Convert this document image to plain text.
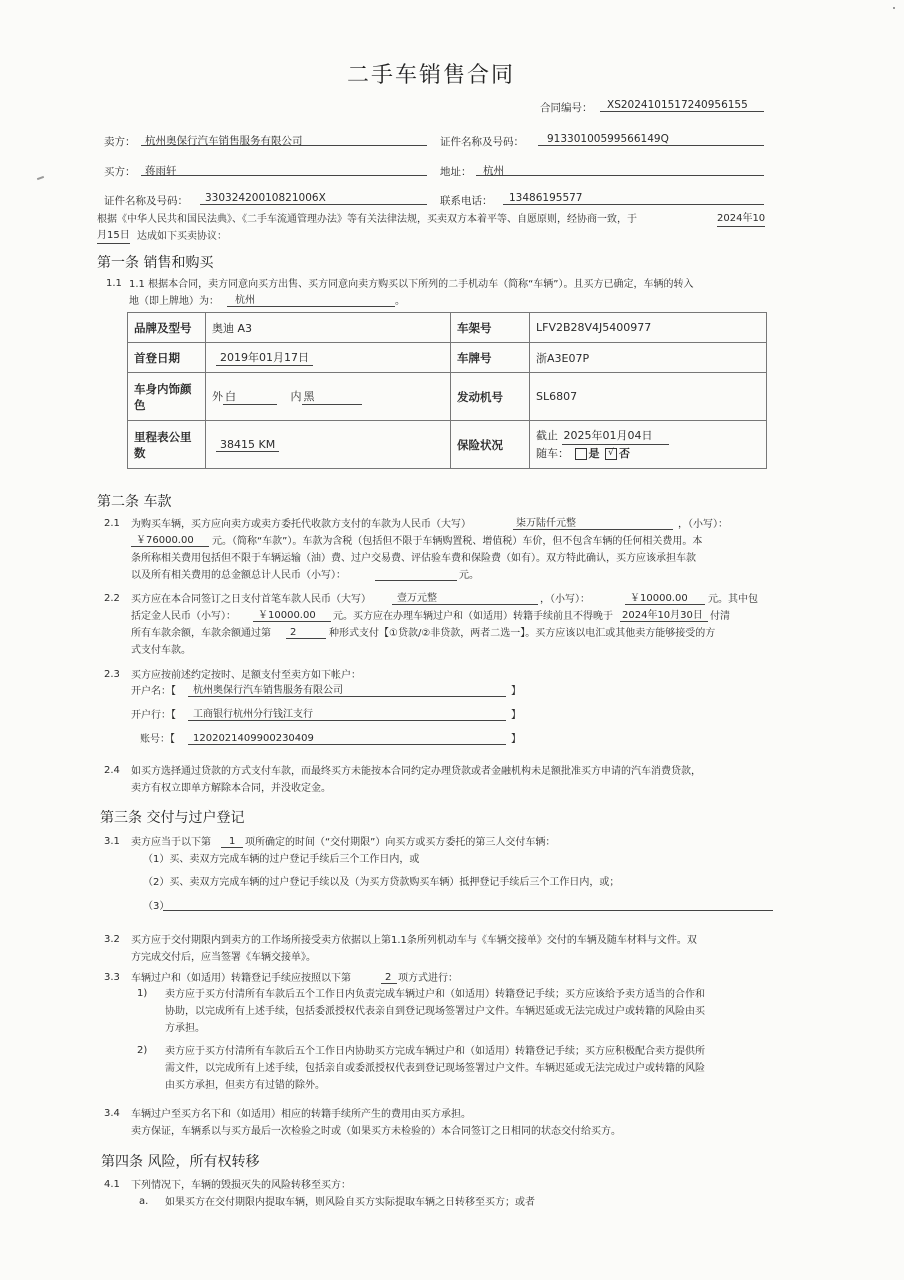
二手车销售合同
合同编号： XS20241015172409561​55
卖方： 杭州奥保行汽车销售服务有限公司	证件名称及号码： 91330100599566149Q
买方： 蒋雨轩	地址： 杭州
证件名称及号码： 33032420010821006X	联系电话： 13486195577
根据《中华人民共和国民法典》、《二手车流通管理办法》等有关法律法规，买卖双方本着平等、自愿原则，经协商一致，于	2024年10
月15日 达成如下买卖协议：
第一条 销售和购买
1.1 1.1 根据本合同，卖方同意向买方出售、买方同意向卖方购买以下所列的二手机动车（简称“车辆”）。且买方已确定，车辆的转入
地（即上牌地）为： 杭州	。
品牌及型号	奥迪 A3	车架号	LFV2B28V4J5400977
首登日期	2019年01月17日	车牌号	浙A3E07P
车身内饰颜色	外 白 内 黑	发动机号	SL6807
里程表公里数	38415 KM	保险状况	截止 2025年01月04日
随车： 是 √ 否
第二条 车款
2.1 为购买车辆，买方应向卖方或卖方委托代收款方支付的车款为人民币（大写）	柒万陆仟元整	，（小写）：
￥76000.00 元。（简称“车款”）。车款为含税（包括但不限于车辆购置税、增值税）车价，但不包含车辆的任何相关费用。本
条所称相关费用包括但不限于车辆运输（油）费、过户交易费、评估验车费和保险费（如有）。双方特此确认，买方应该承担车款
以及所有相关费用的总金额总计人民币（小写）：	元。
2.2 买方应在本合同签订之日支付首笔车款人民币（大写）	壹万元整	，（小写）：	￥10000.00 元。其中包
括定金人民币（小写）： ￥10000.00 元。买方应在办理车辆过户和（如适用）转籍手续前且不得晚于 2024年10月30日 付清
所有车款余额，车款余额通过第 2	种形式支付【①贷款/②非贷款，两者二选一】。买方应该以电汇或其他卖方能够接受的方
式支付车款。
2.3 买方应按前述约定按时、足额支付至卖方如下帐户：
开户名：【 杭州奥保行汽车销售服务有限公司	】
开户行：【 工商银行杭州分行钱江支行	】
账号：【 1202021409900230409	】
2.4 如买方选择通过贷款的方式支付车款，而最终买方未能按本合同约定办理贷款或者金融机构未足额批准买方申请的汽车消费贷款，
卖方有权立即单方解除本合同，并没收定金。
第三条 交付与过户登记
3.1 卖方应当于以下第 1 项所确定的时间（“交付期限”）向买方或买方委托的第三人交付车辆：
（1）买、卖双方完成车辆的过户登记手续后三个工作日内，或
（2）买、卖双方完成车辆的过户登记手续以及（为买方贷款购买车辆）抵押登记手续后三个工作日内，或；
（3）
3.2 买方应于交付期限内到卖方的工作场所接受卖方依据以上第1.1条所列机动车与《车辆交接单》交付的车辆及随车材料与文件。双
方完成交付后，应当签署《车辆交接单》。
3.3 车辆过户和（如适用）转籍登记手续应按照以下第	2 项方式进行：
1) 卖方应于买方付清所有车款后五个工作日内负责完成车辆过户和（如适用）转籍登记手续；买方应该给予卖方适当的合作和
协助，以完成所有上述手续，包括委派授权代表亲自到登记现场签署过户文件。车辆迟延或无法完成过户或转籍的风险由买
方承担。
2) 卖方应于买方付清所有车款后五个工作日内协助买方完成车辆过户和（如适用）转籍登记手续；买方应积极配合卖方提供所
需文件，以完成所有上述手续，包括亲自或委派授权代表到登记现场签署过户文件。车辆迟延或无法完成过户或转籍的风险
由买方承担，但卖方有过错的除外。
3.4 车辆过户至买方名下和（如适用）相应的转籍手续所产生的费用由买方承担。
卖方保证，车辆系以与买方最后一次检验之时或（如果买方未检验的）本合同签订之日相同的状态交付给买方。
第四条 风险，所有权转移
4.1 下列情况下，车辆的毁损灭失的风险转移至买方：
a. 如果买方在交付期限内提取车辆，则风险自买方实际提取车辆之日转移至买方；或者
